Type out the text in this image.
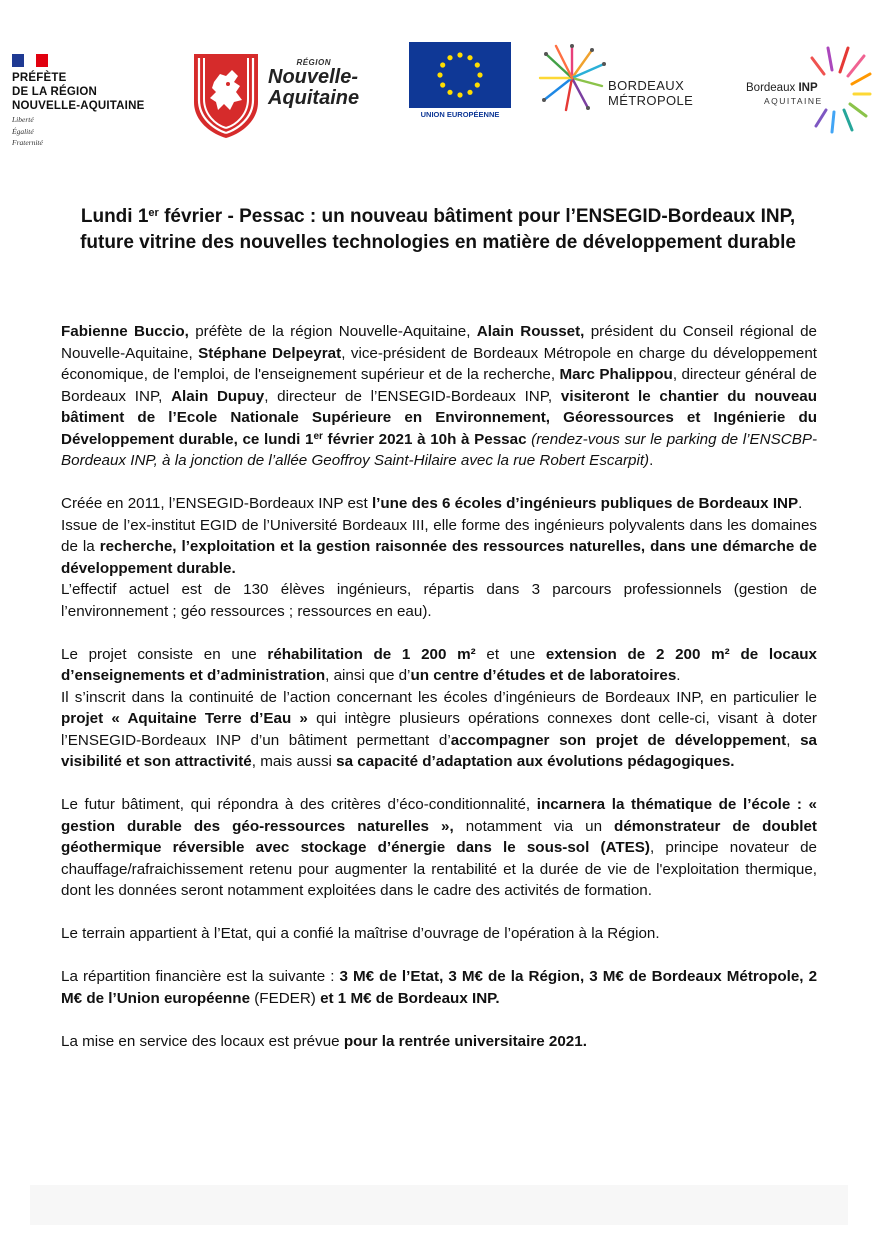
PRÉFÈTE
DE LA RÉGION
NOUVELLE-AQUITAINE
Liberté
Égalité
Fraternité
RÉGION
Nouvelle-
Aquitaine
UNION EUROPÉENNE
BORDEAUX
MÉTROPOLE
Bordeaux INP
AQUITAINE
Lundi 1er février - Pessac : un nouveau bâtiment pour l’ENSEGID-Bordeaux INP, future vitrine des nouvelles technologies en matière de développement durable

Fabienne Buccio, préfète de la région Nouvelle-Aquitaine, Alain Rousset, président du Conseil régional de Nouvelle-Aquitaine, Stéphane Delpeyrat, vice-président de Bordeaux Métropole en charge du développement économique, de l'emploi, de l'enseignement supérieur et de la recherche, Marc Phalippou, directeur général de Bordeaux INP, Alain Dupuy, directeur de l’ENSEGID-Bordeaux INP, visiteront le chantier du nouveau bâtiment de l’Ecole Nationale Supérieure en Environnement, Géoressources et Ingénierie du Développement durable, ce lundi 1er février 2021 à 10h à Pessac (rendez-vous sur le parking de l’ENSCBP-Bordeaux INP, à la jonction de l’allée Geoffroy Saint-Hilaire avec la rue Robert Escarpit).

Créée en 2011, l’ENSEGID-Bordeaux INP est l’une des 6 écoles d’ingénieurs publiques de Bordeaux INP.

Issue de l’ex-institut EGID de l’Université Bordeaux III, elle forme des ingénieurs polyvalents dans les domaines de la recherche, l’exploitation et la gestion raisonnée des ressources naturelles, dans une démarche de développement durable.

L’effectif actuel est de 130 élèves ingénieurs, répartis dans 3 parcours professionnels (gestion de l’environnement ; géo ressources ; ressources en eau).

Le projet consiste en une réhabilitation de 1 200 m² et une extension de 2 200 m² de locaux d’enseignements et d’administration, ainsi que d’un centre d’études et de laboratoires.

Il s’inscrit dans la continuité de l’action concernant les écoles d’ingénieurs de Bordeaux INP, en particulier le projet « Aquitaine Terre d’Eau » qui intègre plusieurs opérations connexes dont celle-ci, visant à doter l’ENSEGID-Bordeaux INP d’un bâtiment permettant d’accompagner son projet de développement, sa visibilité et son attractivité, mais aussi sa capacité d’adaptation aux évolutions pédagogiques.

Le futur bâtiment, qui répondra à des critères d’éco-conditionnalité, incarnera la thématique de l’école : « gestion durable des géo-ressources naturelles », notamment via un démonstrateur de doublet géothermique réversible avec stockage d’énergie dans le sous-sol (ATES), principe novateur de chauffage/rafraichissement retenu pour augmenter la rentabilité et la durée de vie de l'exploitation thermique, dont les données seront notamment exploitées dans le cadre des activités de formation.

Le terrain appartient à l’Etat, qui a confié la maîtrise d’ouvrage de l’opération à la Région.

La répartition financière est la suivante : 3 M€ de l’Etat, 3 M€ de la Région, 3 M€ de Bordeaux Métropole, 2 M€ de l’Union européenne (FEDER) et 1 M€ de Bordeaux INP.

La mise en service des locaux est prévue pour la rentrée universitaire 2021.
